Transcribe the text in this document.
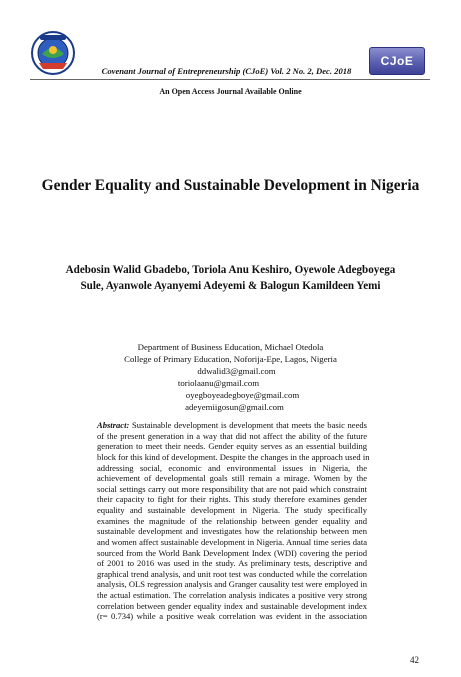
Covenant Journal of Entrepreneurship (CJoE) Vol. 2 No. 2, Dec. 2018
CJoE
An Open Access Journal Available Online
Gender Equality and Sustainable Development in Nigeria
Adebosin Walid Gbadebo, Toriola Anu Keshiro, Oyewole Adegboyega
Sule, Ayanwole Ayanyemi Adeyemi & Balogun Kamildeen Yemi
Department of Business Education, Michael Otedola
College of Primary Education, Noforija-Epe, Lagos, Nigeria
ddwalid3@gmail.com
toriolaanu@gmail.com
oyegboyeadegboye@gmail.com
adeyemiigosun@gmail.com
Abstract: Sustainable development is development that meets the basic needs
of the present generation in a way that did not affect the ability of the future
generation to meet their needs. Gender equity serves as an essential building
block for this kind of development. Despite the changes in the approach used in
addressing social, economic and environmental issues in Nigeria, the
achievement of developmental goals still remain a mirage. Women by the
social settings carry out more responsibility that are not paid which constraint
their capacity to fight for their rights. This study therefore examines gender
equality and sustainable development in Nigeria. The study specifically
examines the magnitude of the relationship between gender equality and
sustainable development and investigates how the relationship between men
and women affect sustainable development in Nigeria. Annual time series data
sourced from the World Bank Development Index (WDI) covering the period
of 2001 to 2016 was used in the study. As preliminary tests, descriptive and
graphical trend analysis, and unit root test was conducted while the correlation
analysis, OLS regression analysis and Granger causality test were employed in
the actual estimation. The correlation analysis indicates a positive very strong
correlation between gender equality index and sustainable development index
(r= 0.734) while a positive weak correlation was evident in the association
42
